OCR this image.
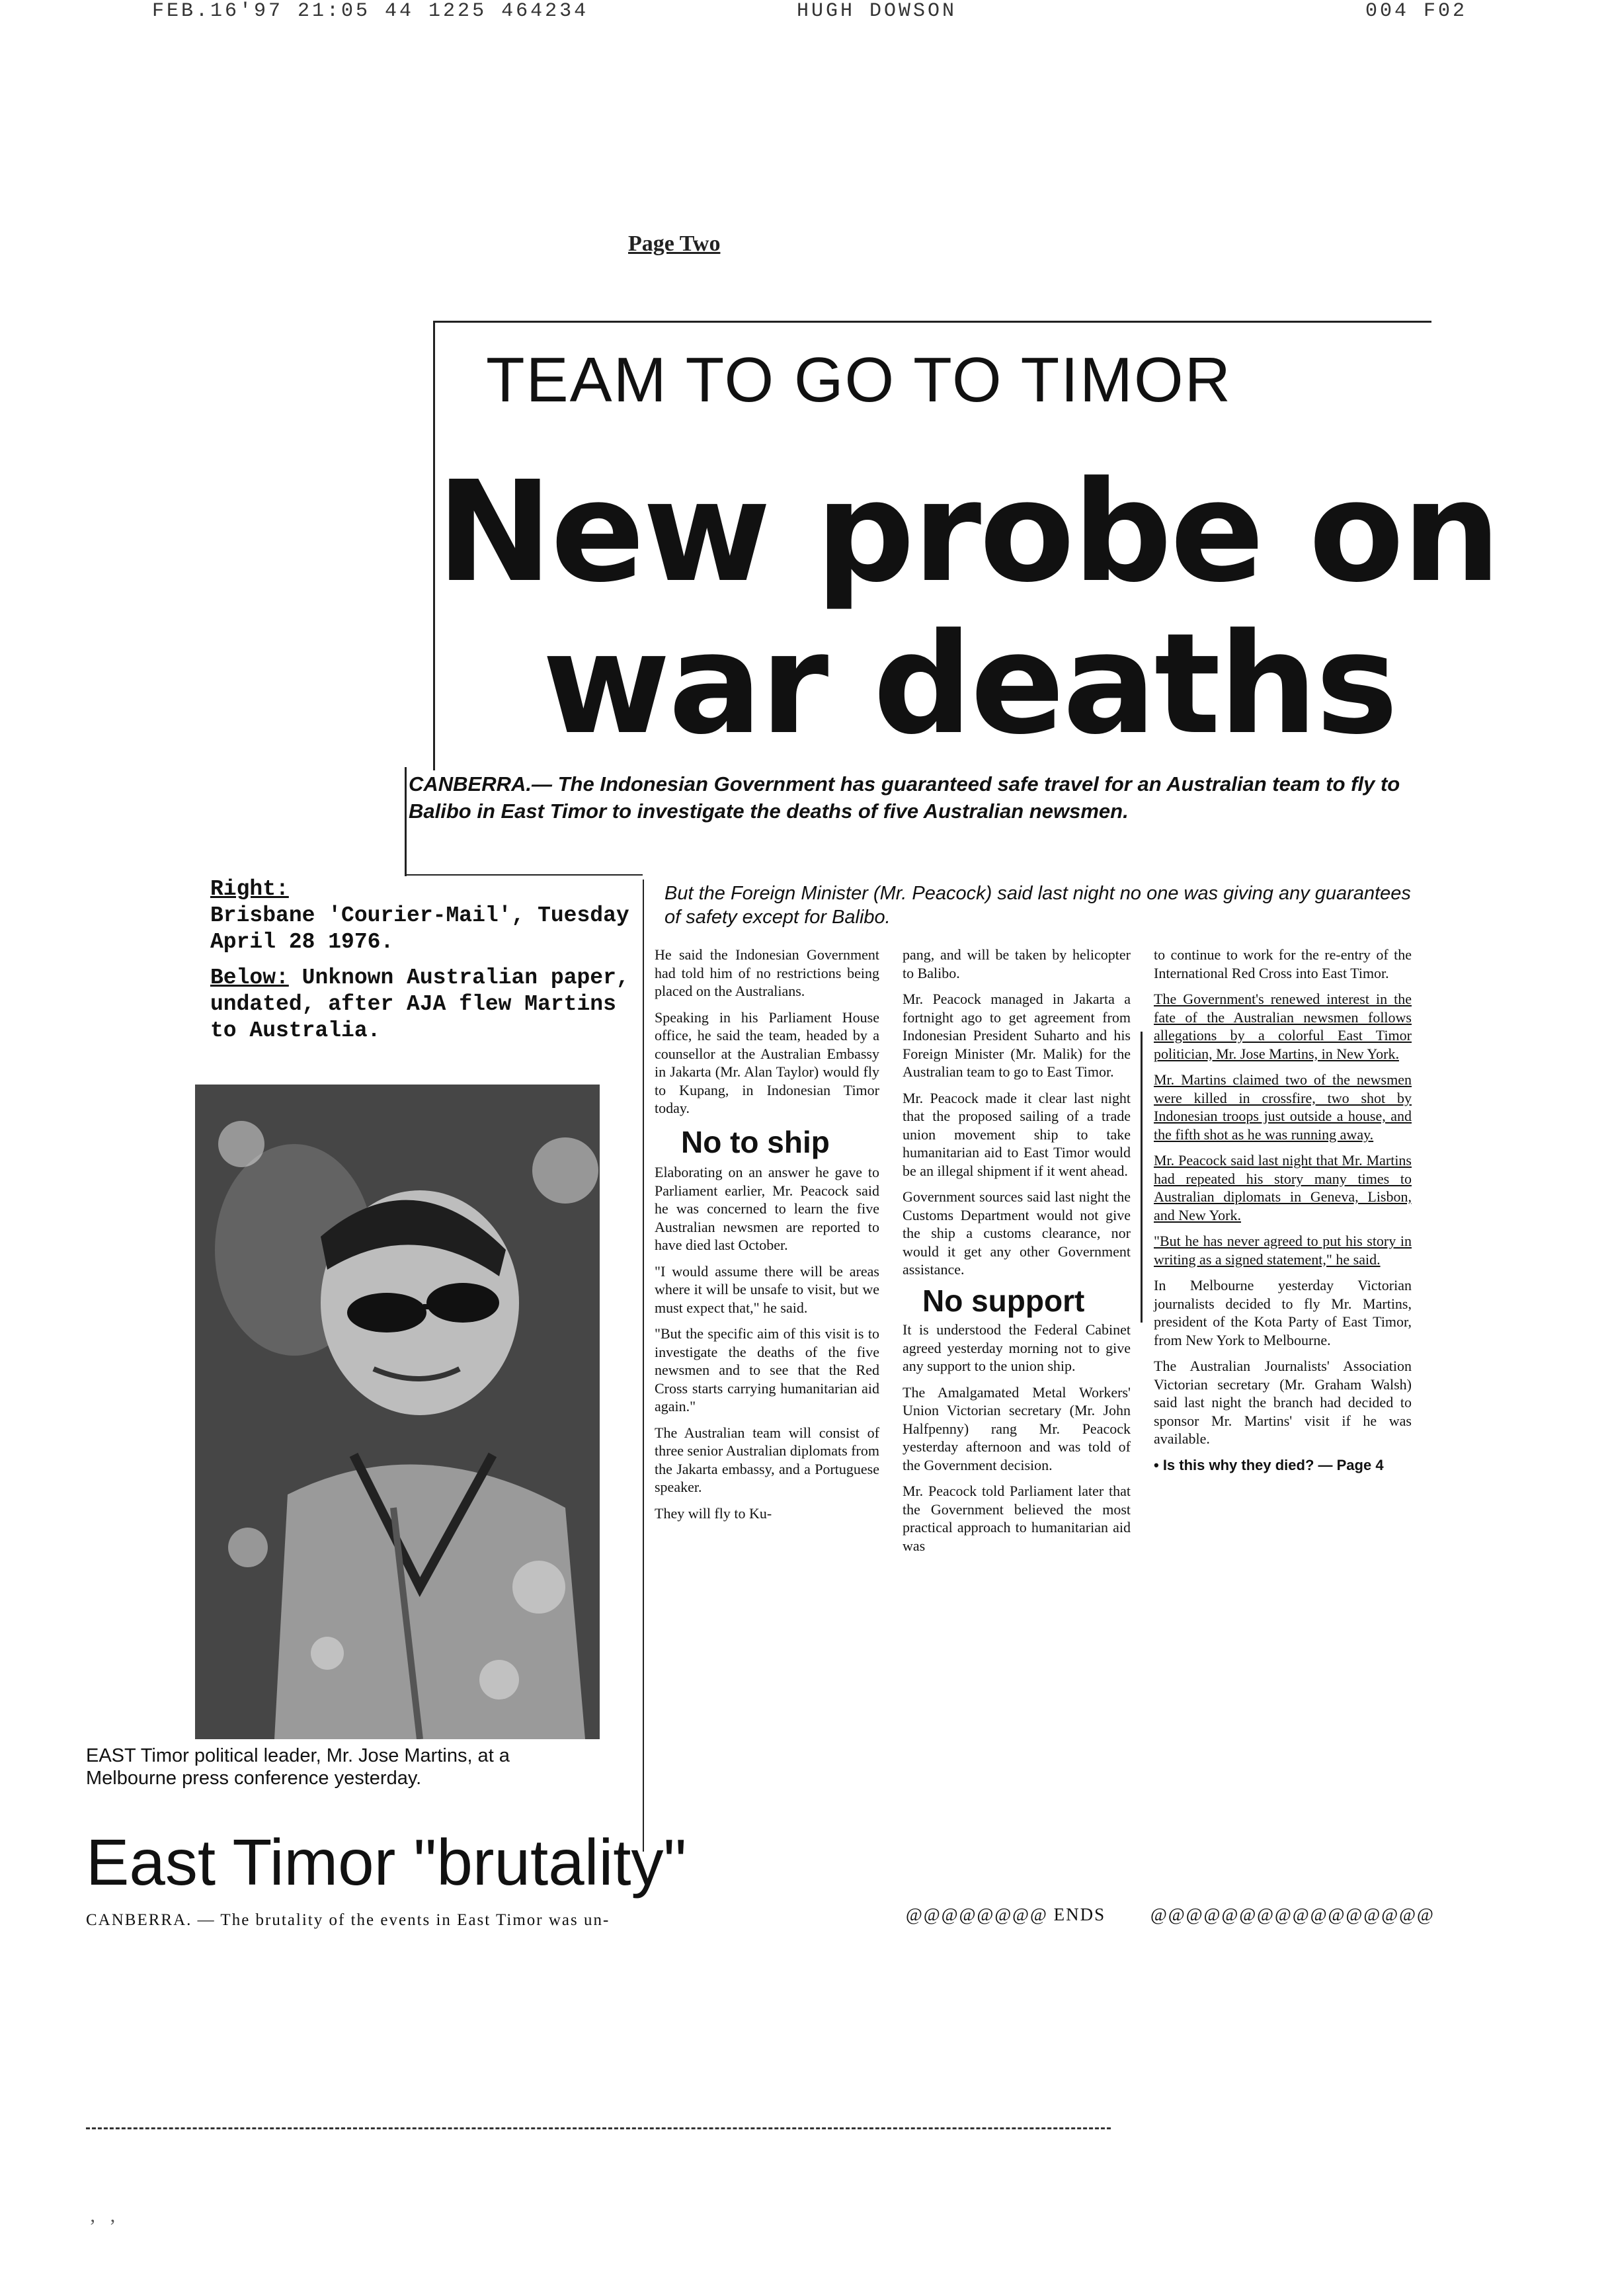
FEB.16'97 21:05 44 1225 464234	HUGH DOWSON	004 F02
Page Two
TEAM TO GO TO TIMOR
New probe on
war deaths
CANBERRA.— The Indonesian Government has guaranteed safe travel for an Australian team to fly to Balibo in East Timor to investigate the deaths of five Australian newsmen.
But the Foreign Minister (Mr. Peacock) said last night no one was giving any guarantees of safety except for Balibo.
Right:
Brisbane 'Courier-Mail', Tuesday April 28 1976.
Below: Unknown Australian paper, undated, after AJA flew Martins to Australia.
EAST Timor political leader, Mr. Jose Martins, at a Melbourne press conference yesterday.

He said the Indonesian Government had told him of no restrictions being placed on the Australians.

Speaking in his Parliament House office, he said the team, headed by a counsellor at the Australian Embassy in Jakarta (Mr. Alan Taylor) would fly to Kupang, in Indonesian Timor today.

No to ship

Elaborating on an answer he gave to Parliament earlier, Mr. Peacock said he was concerned to learn the five Australian newsmen are reported to have died last October.

"I would assume there will be areas where it will be unsafe to visit, but we must expect that," he said.

"But the specific aim of this visit is to investigate the deaths of the five newsmen and to see that the Red Cross starts carrying humanitarian aid again."

The Australian team will consist of three senior Australian diplomats from the Jakarta embassy, and a Portuguese speaker.

They will fly to Ku-

pang, and will be taken by helicopter to Balibo.

Mr. Peacock managed in Jakarta a fortnight ago to get agreement from Indonesian President Suharto and his Foreign Minister (Mr. Malik) for the Australian team to go to East Timor.

Mr. Peacock made it clear last night that the proposed sailing of a trade union movement ship to take humanitarian aid to East Timor would be an illegal shipment if it went ahead.

Government sources said last night the Customs Department would not give the ship a customs clearance, nor would it get any other Government assistance.

No support

It is understood the Federal Cabinet agreed yesterday morning not to give any support to the union ship.

The Amalgamated Metal Workers' Union Victorian secretary (Mr. John Halfpenny) rang Mr. Peacock yesterday afternoon and was told of the Government decision.

Mr. Peacock told Parliament later that the Government believed the most practical approach to humanitarian aid was

to continue to work for the re-entry of the International Red Cross into East Timor.

The Government's renewed interest in the fate of the Australian newsmen follows allegations by a colorful East Timor politician, Mr. Jose Martins, in New York.

Mr. Martins claimed two of the newsmen were killed in crossfire, two shot by Indonesian troops just outside a house, and the fifth shot as he was running away.

Mr. Peacock said last night that Mr. Martins had repeated his story many times to Australian diplomats in Geneva, Lisbon, and New York.

"But he has never agreed to put his story in writing as a signed statement," he said.

In Melbourne yesterday Victorian journalists decided to fly Mr. Martins, president of the Kota Party of East Timor, from New York to Melbourne.

The Australian Journalists' Association Victorian secretary (Mr. Graham Walsh) said last night the branch had decided to sponsor Mr. Martins' visit if he was available.

• Is this why they died? — Page 4

East Timor "brutality"
CANBERRA. — The brutality of the events in East Timor was un-	@@@@@@@@ ENDS	@@@@@@@@@@@@@@@@
’   ’
